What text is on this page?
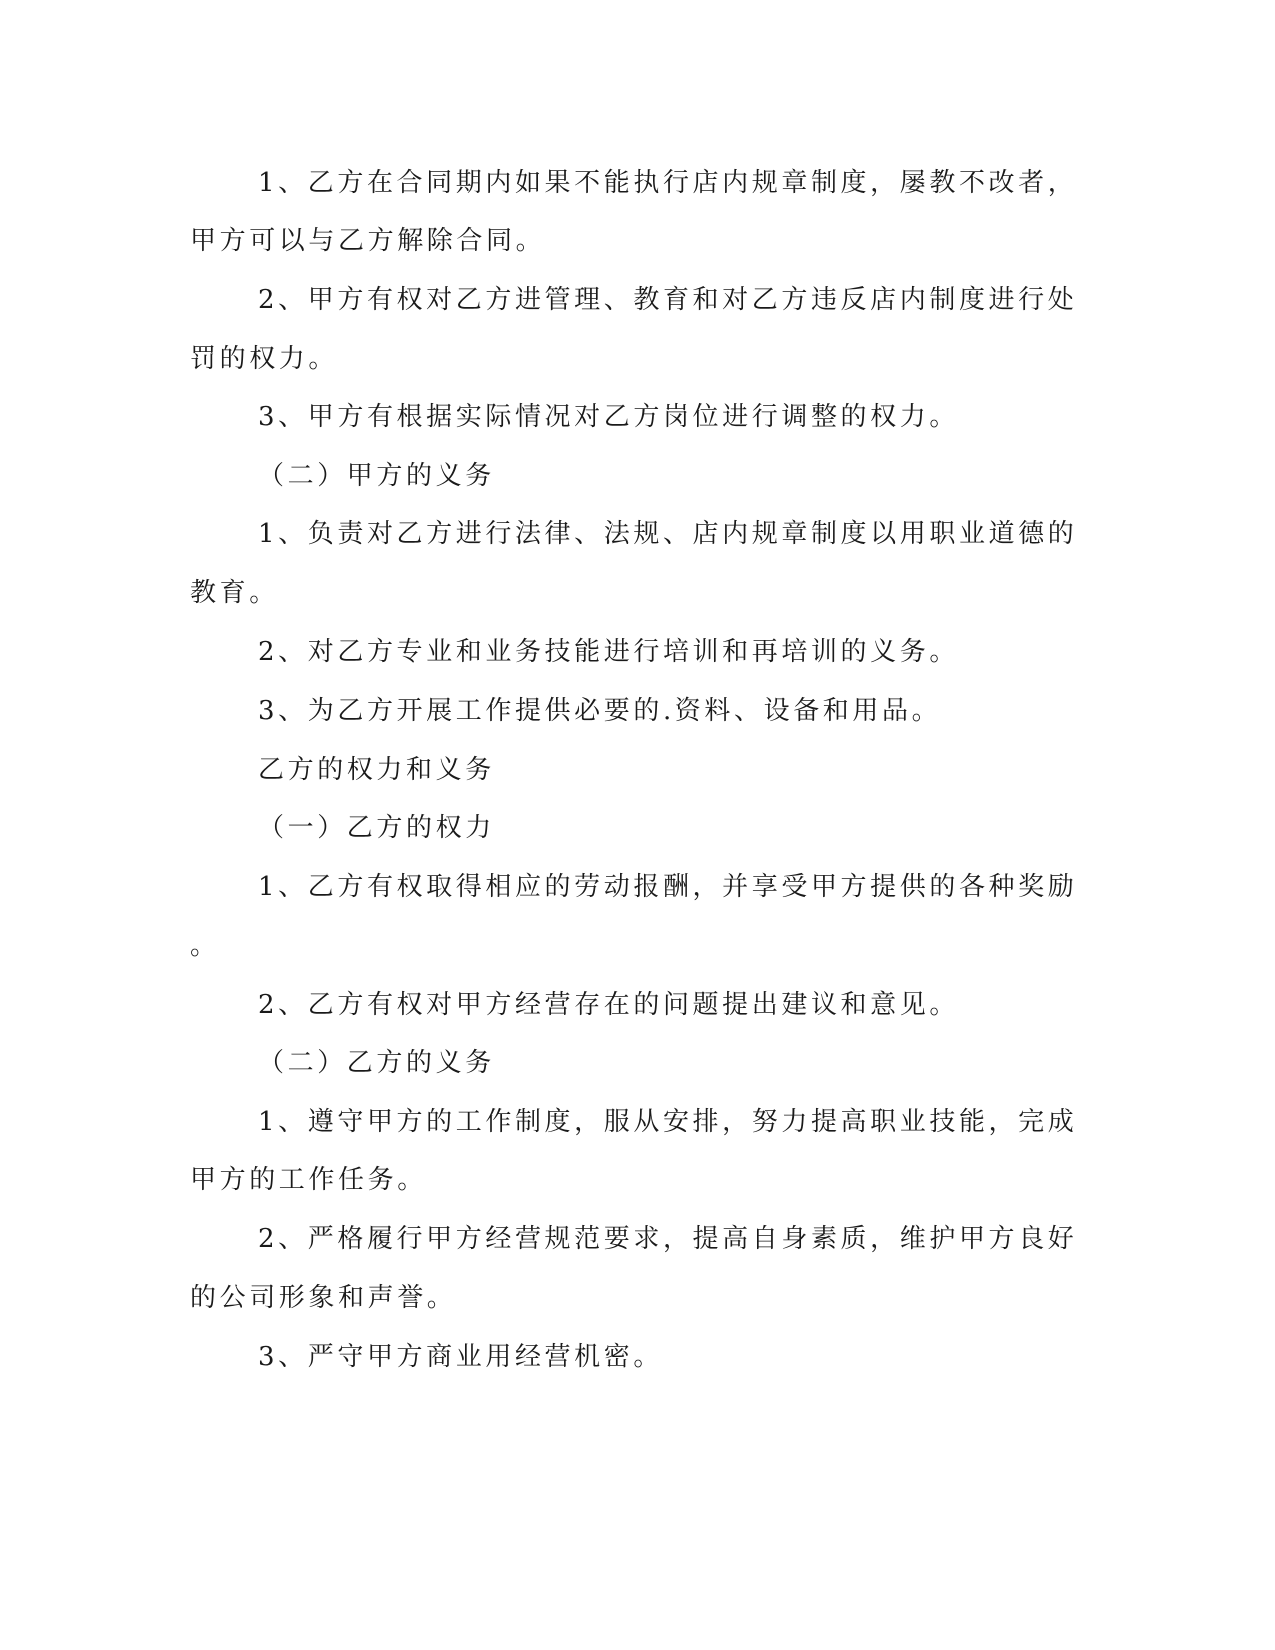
1、乙方在合同期内如果不能执行店内规章制度，屡教不改者，

甲方可以与乙方解除合同。

2、甲方有权对乙方进管理、教育和对乙方违反店内制度进行处

罚的权力。

3、甲方有根据实际情况对乙方岗位进行调整的权力。

（二）甲方的义务

1、负责对乙方进行法律、法规、店内规章制度以用职业道德的

教育。

2、对乙方专业和业务技能进行培训和再培训的义务。

3、为乙方开展工作提供必要的.资料、设备和用品。

乙方的权力和义务

（一）乙方的权力

1、乙方有权取得相应的劳动报酬，并享受甲方提供的各种奖励

。

2、乙方有权对甲方经营存在的问题提出建议和意见。

（二）乙方的义务

1、遵守甲方的工作制度，服从安排，努力提高职业技能，完成

甲方的工作任务。

2、严格履行甲方经营规范要求，提高自身素质，维护甲方良好

的公司形象和声誉。

3、严守甲方商业用经营机密。
